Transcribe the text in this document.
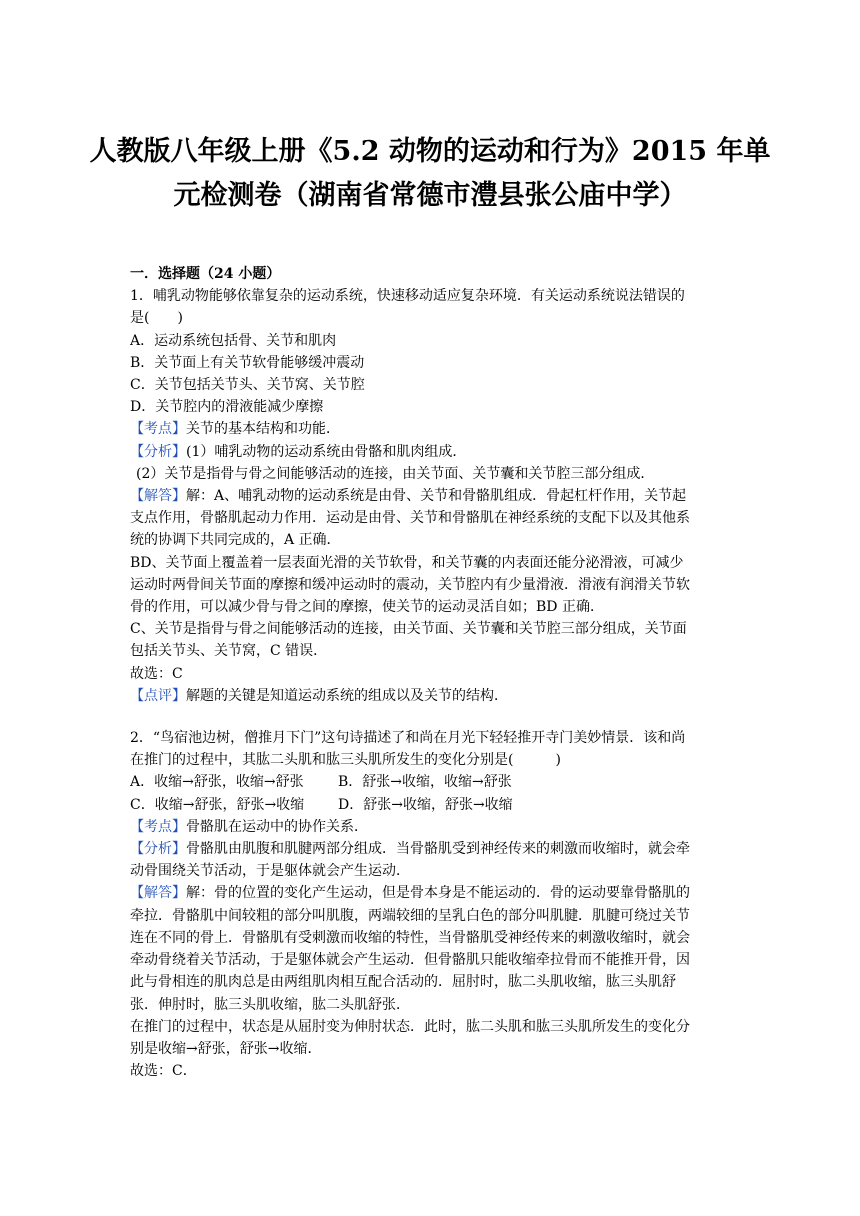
人教版八年级上册《5.2 动物的运动和行为》2015 年单
元检测卷（湖南省常德市澧县张公庙中学）
一．选择题（24 小题）
1．哺乳动物能够依靠复杂的运动系统，快速移动适应复杂环境．有关运动系统说法错误的
是(　　)
A．运动系统包括骨、关节和肌肉
B．关节面上有关节软骨能够缓冲震动
C．关节包括关节头、关节窝、关节腔
D．关节腔内的滑液能减少摩擦
【考点】关节的基本结构和功能．
【分析】(1）哺乳动物的运动系统由骨骼和肌肉组成．
(2）关节是指骨与骨之间能够活动的连接，由关节面、关节囊和关节腔三部分组成．
【解答】解：A、哺乳动物的运动系统是由骨、关节和骨骼肌组成．骨起杠杆作用，关节起
支点作用，骨骼肌起动力作用．运动是由骨、关节和骨骼肌在神经系统的支配下以及其他系
统的协调下共同完成的，A 正确．
BD、关节面上覆盖着一层表面光滑的关节软骨，和关节囊的内表面还能分泌滑液，可减少
运动时两骨间关节面的摩擦和缓冲运动时的震动，关节腔内有少量滑液．滑液有润滑关节软
骨的作用，可以减少骨与骨之间的摩擦，使关节的运动灵活自如；BD 正确．
C、关节是指骨与骨之间能够活动的连接，由关节面、关节囊和关节腔三部分组成，关节面
包括关节头、关节窝，C 错误．
故选：C
【点评】解题的关键是知道运动系统的组成以及关节的结构．
2．“鸟宿池边树，僧推月下门”这句诗描述了和尚在月光下轻轻推开寺门美妙情景．该和尚
在推门的过程中，其肱二头肌和肱三头肌所发生的变化分别是(　　　)
A．收缩→舒张，收缩→舒张 B．舒张→收缩，收缩→舒张
C．收缩→舒张，舒张→收缩 D．舒张→收缩，舒张→收缩
【考点】骨骼肌在运动中的协作关系．
【分析】骨骼肌由肌腹和肌腱两部分组成．当骨骼肌受到神经传来的刺激而收缩时，就会牵
动骨围绕关节活动，于是躯体就会产生运动．
【解答】解：骨的位置的变化产生运动，但是骨本身是不能运动的．骨的运动要靠骨骼肌的
牵拉．骨骼肌中间较粗的部分叫肌腹，两端较细的呈乳白色的部分叫肌腱．肌腱可绕过关节
连在不同的骨上．骨骼肌有受刺激而收缩的特性，当骨骼肌受神经传来的刺激收缩时，就会
牵动骨绕着关节活动，于是躯体就会产生运动．但骨骼肌只能收缩牵拉骨而不能推开骨，因
此与骨相连的肌肉总是由两组肌肉相互配合活动的．屈肘时，肱二头肌收缩，肱三头肌舒
张．伸肘时，肱三头肌收缩，肱二头肌舒张．
在推门的过程中，状态是从屈肘变为伸肘状态．此时，肱二头肌和肱三头肌所发生的变化分
别是收缩→舒张，舒张→收缩．
故选：C．
